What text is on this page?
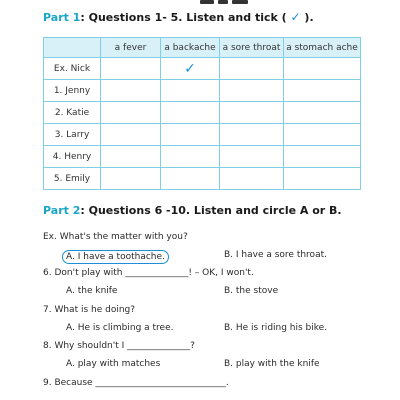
Part 1: Questions 1- 5. Listen and tick ( ✓ ).
	a fever	a backache	a sore throat	a stomach ache
Ex. Nick		✓		
1. Jenny				
2. Katie				
3. Larry				
4. Henry				
5. Emily				
Part 2: Questions 6 -10. Listen and circle A or B.
Ex. What's the matter with you?
A. I have a toothache.	B. I have a sore throat.
6. Don't play with ______________! – OK, I won't.
A. the knife	B. the stove
7. What is he doing?
A. He is climbing a tree.	B. He is riding his bike.
8. Why shouldn't I ______________?
A. play with matches	B. play with the knife
9. Because _____________________________.
